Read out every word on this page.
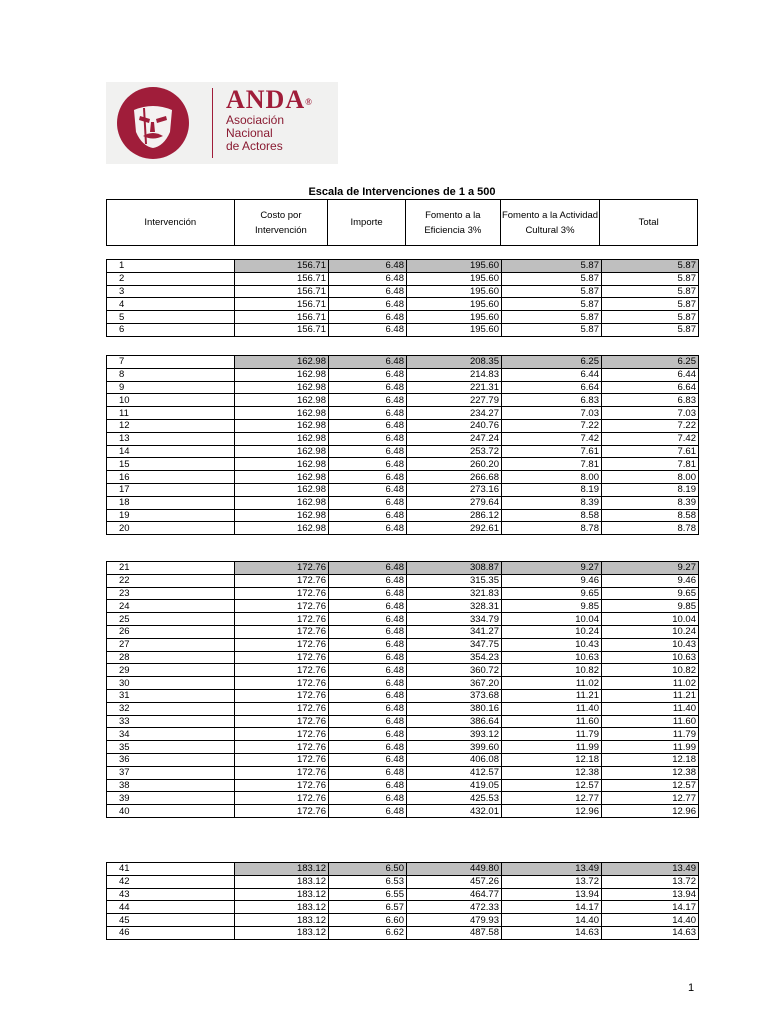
ANDA®
Asociación
Nacional
de Actores
Escala de Intervenciones de 1 a 500
Intervención
Costo por Intervención
Importe
Fomento a la Eficiencia 3%
Fomento a la Actividad Cultural 3%
Total
1	156.71	6.48	195.60	5.87	5.87	
2	156.71	6.48	195.60	5.87	5.87	
3	156.71	6.48	195.60	5.87	5.87	
4	156.71	6.48	195.60	5.87	5.87	
5	156.71	6.48	195.60	5.87	5.87	
6	156.71	6.48	195.60	5.87	5.87	
7	162.98	6.48	208.35	6.25	6.25	
8	162.98	6.48	214.83	6.44	6.44	
9	162.98	6.48	221.31	6.64	6.64	
10	162.98	6.48	227.79	6.83	6.83	
11	162.98	6.48	234.27	7.03	7.03	
12	162.98	6.48	240.76	7.22	7.22	
13	162.98	6.48	247.24	7.42	7.42	
14	162.98	6.48	253.72	7.61	7.61	
15	162.98	6.48	260.20	7.81	7.81	
16	162.98	6.48	266.68	8.00	8.00	
17	162.98	6.48	273.16	8.19	8.19	
18	162.98	6.48	279.64	8.39	8.39	
19	162.98	6.48	286.12	8.58	8.58	
20	162.98	6.48	292.61	8.78	8.78	
21	172.76	6.48	308.87	9.27	9.27	
22	172.76	6.48	315.35	9.46	9.46	
23	172.76	6.48	321.83	9.65	9.65	
24	172.76	6.48	328.31	9.85	9.85	
25	172.76	6.48	334.79	10.04	10.04	
26	172.76	6.48	341.27	10.24	10.24	
27	172.76	6.48	347.75	10.43	10.43	
28	172.76	6.48	354.23	10.63	10.63	
29	172.76	6.48	360.72	10.82	10.82	
30	172.76	6.48	367.20	11.02	11.02	
31	172.76	6.48	373.68	11.21	11.21	
32	172.76	6.48	380.16	11.40	11.40	
33	172.76	6.48	386.64	11.60	11.60	
34	172.76	6.48	393.12	11.79	11.79	
35	172.76	6.48	399.60	11.99	11.99	
36	172.76	6.48	406.08	12.18	12.18	
37	172.76	6.48	412.57	12.38	12.38	
38	172.76	6.48	419.05	12.57	12.57	
39	172.76	6.48	425.53	12.77	12.77	
40	172.76	6.48	432.01	12.96	12.96	
41	183.12	6.50	449.80	13.49	13.49	
42	183.12	6.53	457.26	13.72	13.72	
43	183.12	6.55	464.77	13.94	13.94	
44	183.12	6.57	472.33	14.17	14.17	
45	183.12	6.60	479.93	14.40	14.40	
46	183.12	6.62	487.58	14.63	14.63	
1
